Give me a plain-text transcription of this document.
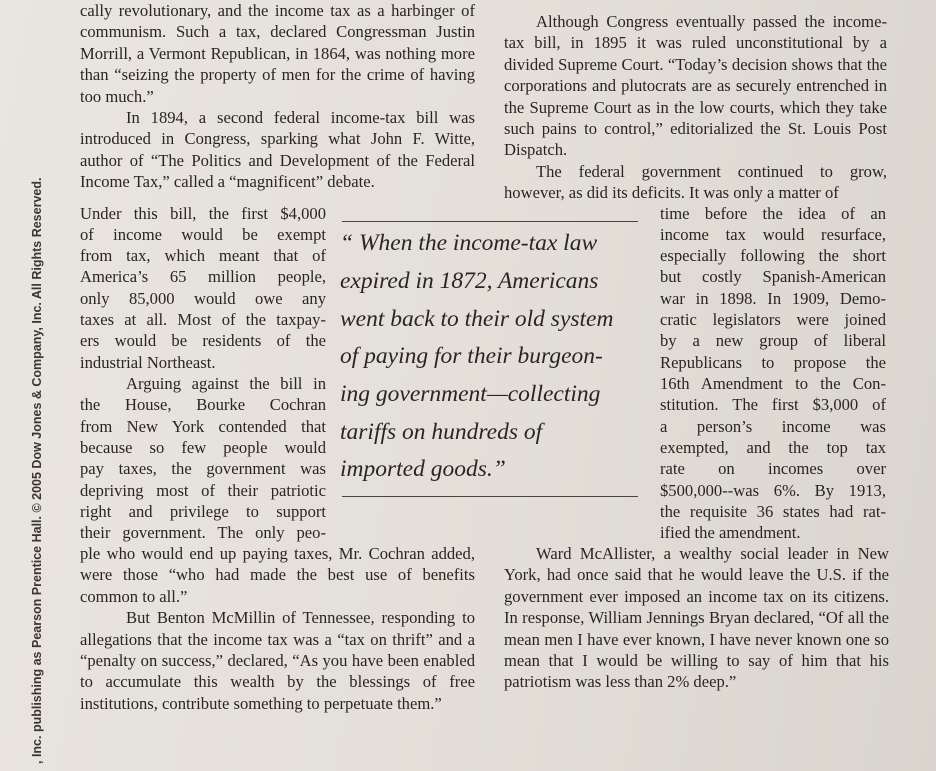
, Inc. publishing as Pearson Prentice Hall. © 2005 Dow Jones & Company, Inc. All Rights Reserved.

cally revolutionary, and the income tax as a harbinger of communism. Such a tax, declared Congressman Justin Morrill, a Vermont Republican, in 1864, was nothing more than “seizing the property of men for the crime of having too much.”

In 1894, a second federal income-tax bill was introduced in Congress, sparking what John F. Witte, author of “The Politics and Development of the Federal Income Tax,” called a “magnificent” debate.

Under this bill, the first $4,000
of income would be exempt
from tax, which meant that of
America’s 65 million people,
only 85,000 would owe any
taxes at all. Most of the taxpay-
ers would be residents of the
industrial Northeast.
Arguing against the bill in
the House, Bourke Cochran
from New York contended that
because so few people would
pay taxes, the government was
depriving most of their patriotic
right and privilege to support
their government. The only peo-

ple who would end up paying taxes, Mr. Cochran added, were those “who had made the best use of benefits common to all.”

But Benton McMillin of Tennessee, responding to allegations that the income tax was a “tax on thrift” and a “penalty on success,” declared, “As you have been enabled to accumulate this wealth by the blessings of free institutions, contribute something to perpetuate them.”

Although Congress eventually passed the income-tax bill, in 1895 it was ruled unconstitutional by a divided Supreme Court. “Today’s decision shows that the corporations and plutocrats are as securely entrenched in the Supreme Court as in the low courts, which they take such pains to control,” editorialized the St. Louis Post Dispatch.

The federal government continued to grow, however, as did its deficits. It was only a matter of

time before the idea of an
income tax would resurface,
especially following the short
but costly Spanish-American
war in 1898. In 1909, Demo-
cratic legislators were joined
by a new group of liberal
Republicans to propose the
16th Amendment to the Con-
stitution. The first $3,000 of
a person’s income was
exempted, and the top tax
rate on incomes over
$500,000--was 6%. By 1913,
the requisite 36 states had rat-
ified the amendment.

Ward McAllister, a wealthy social leader in New York, had once said that he would leave the U.S. if the government ever imposed an income tax on its citizens. In response, William Jennings Bryan declared, “Of all the mean men I have ever known, I have never known one so mean that I would be willing to say of him that his patriotism was less than 2% deep.”

“ When the income-tax law
expired in 1872, Americans
went back to their old system
of paying for their burgeon-
ing government—collecting
tariffs on hundreds of
imported goods.”
